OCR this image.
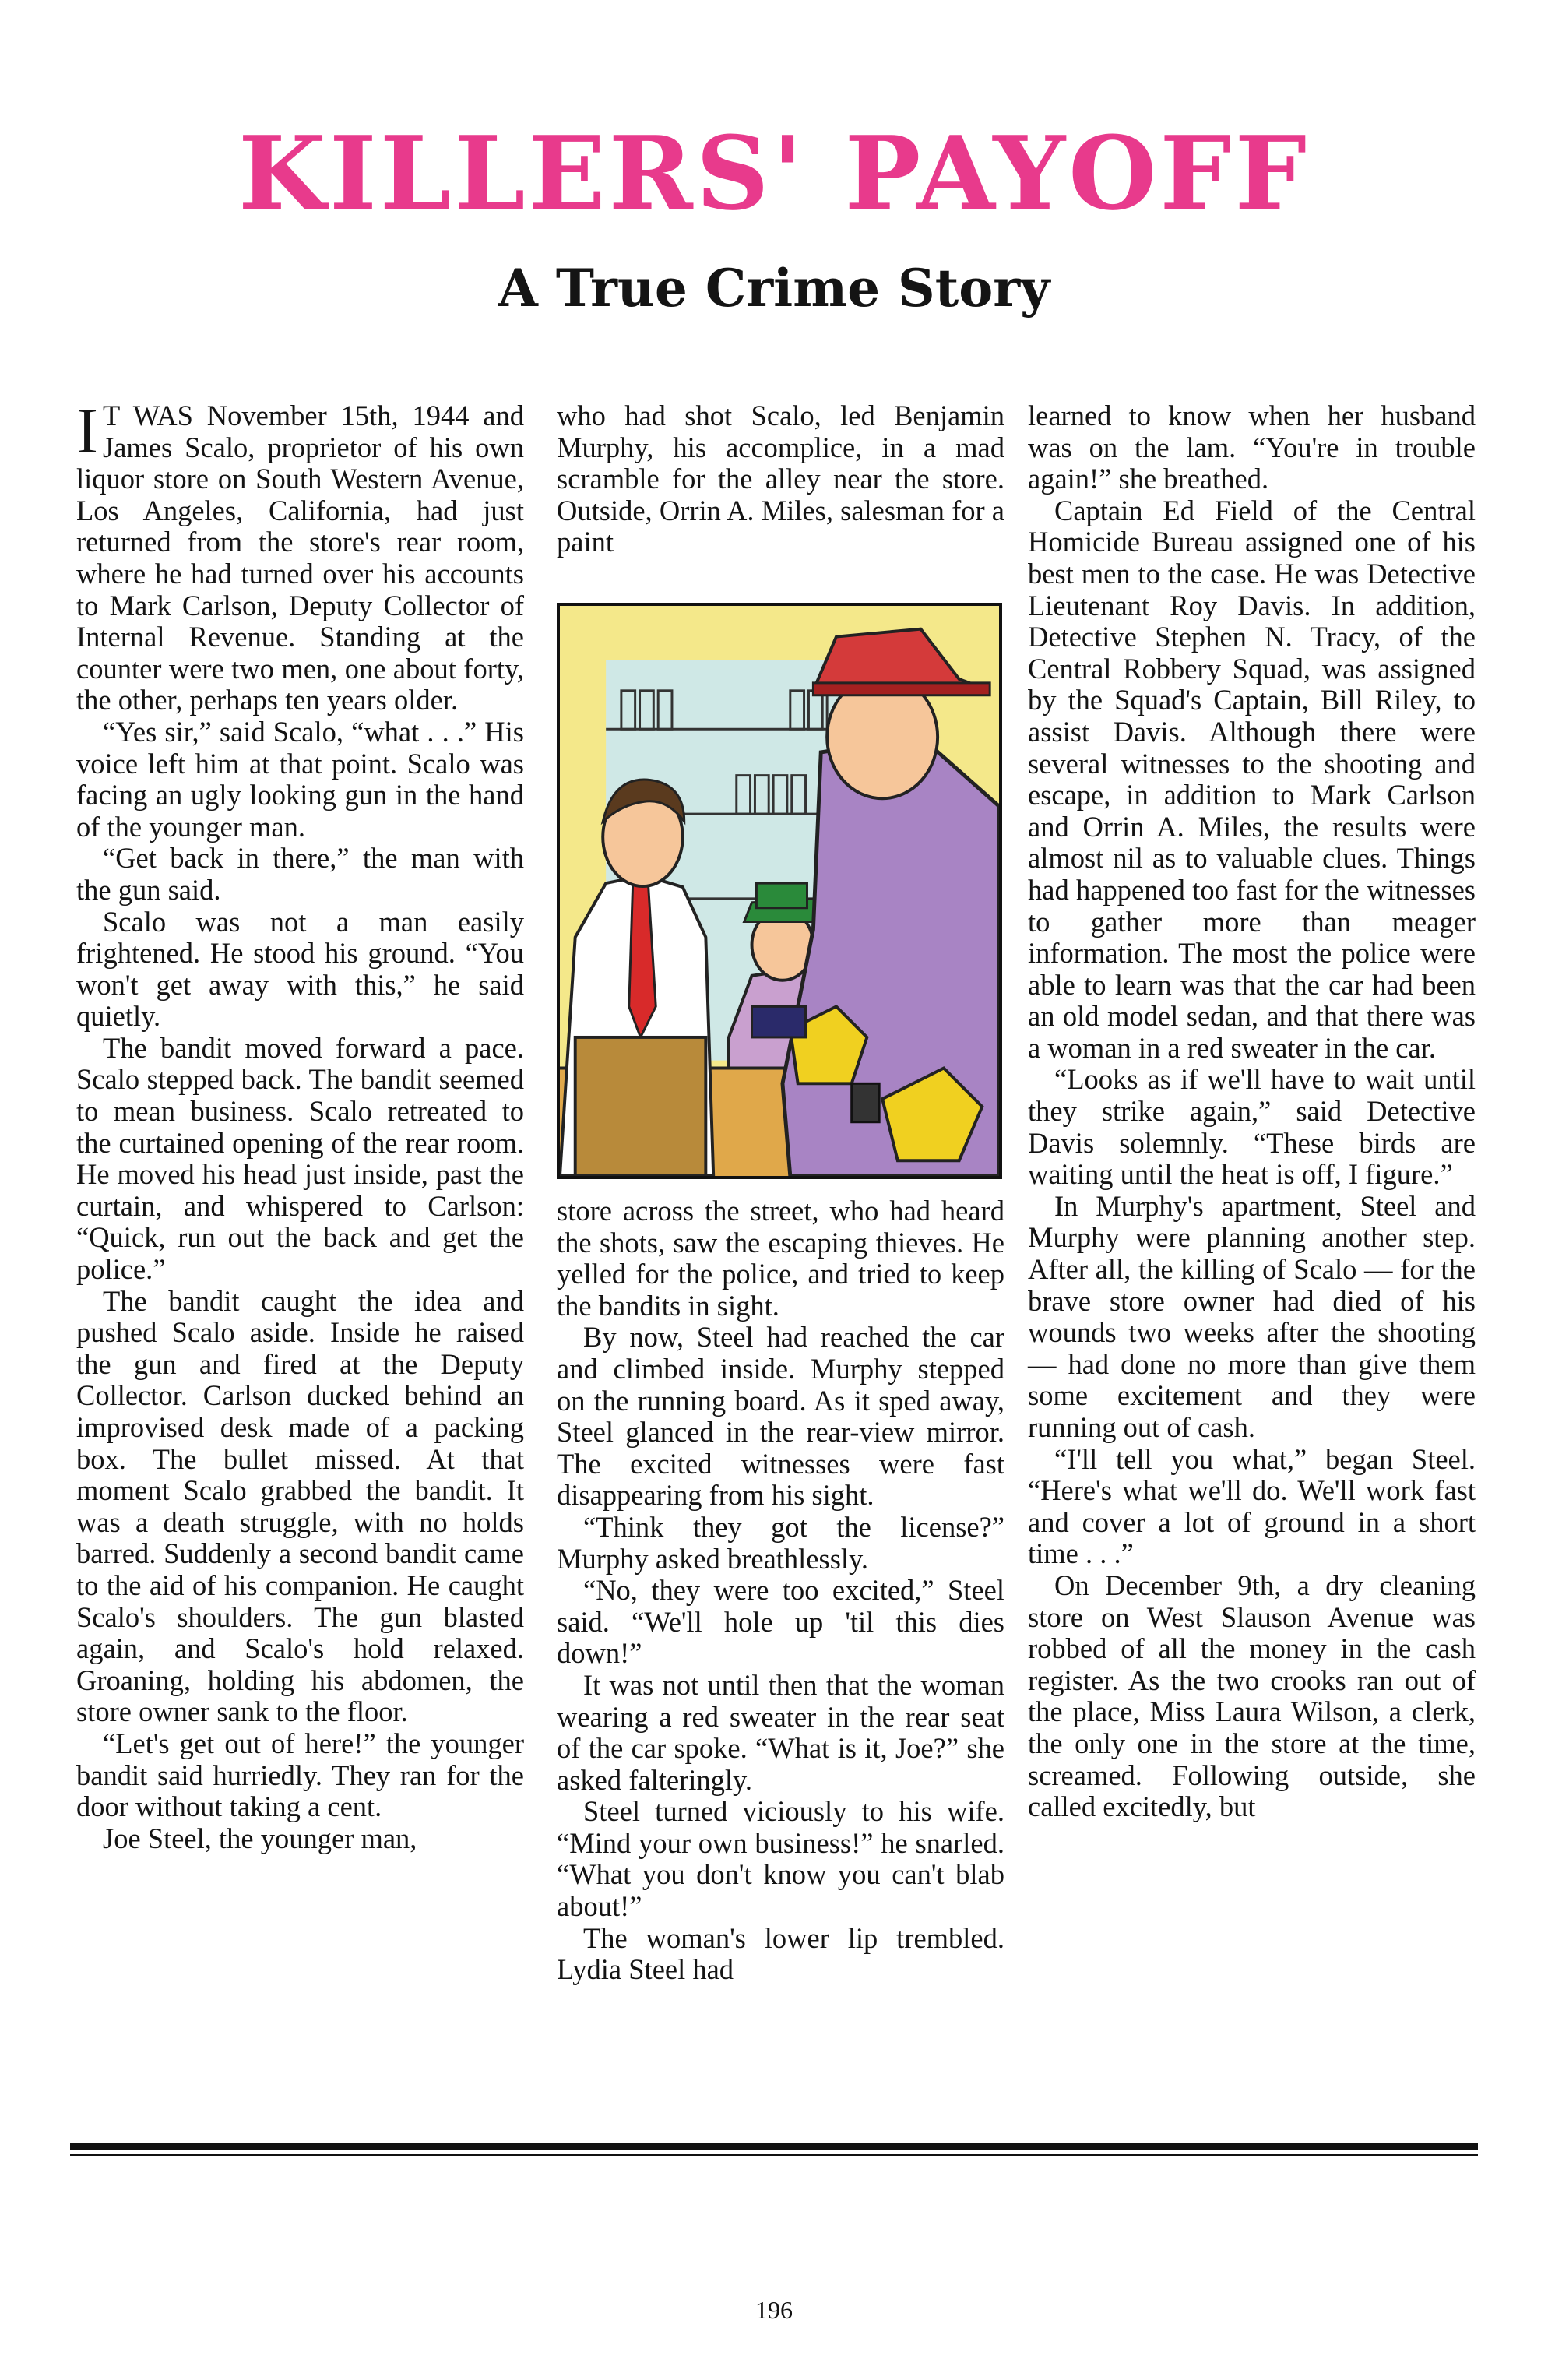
KILLERS' PAYOFF
A True Crime Story

I T WAS November 15th, 1944 and James Scalo, proprietor of his own liquor store on South Western Avenue, Los Angeles, California, had just returned from the store's rear room, where he had turned over his accounts to Mark Carlson, Deputy Collector of Internal Revenue. Standing at the counter were two men, one about forty, the other, perhaps ten years older.

“Yes sir,” said Scalo, “what . . .” His voice left him at that point. Scalo was facing an ugly looking gun in the hand of the younger man.

“Get back in there,” the man with the gun said.

Scalo was not a man easily frightened. He stood his ground. “You won't get away with this,” he said quietly.

The bandit moved forward a pace. Scalo stepped back. The bandit seemed to mean business. Scalo retreated to the curtained opening of the rear room. He moved his head just inside, past the curtain, and whispered to Carlson: “Quick, run out the back and get the police.”

The bandit caught the idea and pushed Scalo aside. Inside he raised the gun and fired at the Deputy Collector. Carlson ducked behind an improvised desk made of a packing box. The bullet missed. At that moment Scalo grabbed the bandit. It was a death struggle, with no holds barred. Suddenly a second bandit came to the aid of his companion. He caught Scalo's shoulders. The gun blasted again, and Scalo's hold relaxed. Groaning, holding his abdomen, the store owner sank to the floor.

“Let's get out of here!” the younger bandit said hurriedly. They ran for the door without taking a cent.

Joe Steel, the younger man,

who had shot Scalo, led Benjamin Murphy, his accomplice, in a mad scramble for the alley near the store. Outside, Orrin A. Miles, salesman for a paint

store across the street, who had heard the shots, saw the escaping thieves. He yelled for the police, and tried to keep the bandits in sight.

By now, Steel had reached the car and climbed inside. Murphy stepped on the running board. As it sped away, Steel glanced in the rear-view mirror. The excited witnesses were fast disappearing from his sight.

“Think they got the license?” Murphy asked breathlessly.

“No, they were too excited,” Steel said. “We'll hole up 'til this dies down!”

It was not until then that the woman wearing a red sweater in the rear seat of the car spoke. “What is it, Joe?” she asked falteringly.

Steel turned viciously to his wife. “Mind your own business!” he snarled. “What you don't know you can't blab about!”

The woman's lower lip trembled. Lydia Steel had

learned to know when her husband was on the lam. “You're in trouble again!” she breathed.

Captain Ed Field of the Central Homicide Bureau assigned one of his best men to the case. He was Detective Lieutenant Roy Davis. In addition, Detective Stephen N. Tracy, of the Central Robbery Squad, was assigned by the Squad's Captain, Bill Riley, to assist Davis. Although there were several witnesses to the shooting and escape, in addition to Mark Carlson and Orrin A. Miles, the results were almost nil as to valuable clues. Things had happened too fast for the witnesses to gather more than meager information. The most the police were able to learn was that the car had been an old model sedan, and that there was a woman in a red sweater in the car.

“Looks as if we'll have to wait until they strike again,” said Detective Davis solemnly. “These birds are waiting until the heat is off, I figure.”

In Murphy's apartment, Steel and Murphy were planning another step. After all, the killing of Scalo — for the brave store owner had died of his wounds two weeks after the shooting— had done no more than give them some excitement and they were running out of cash.

“I'll tell you what,” began Steel. “Here's what we'll do. We'll work fast and cover a lot of ground in a short time . . .”

On December 9th, a dry cleaning store on West Slauson Avenue was robbed of all the money in the cash register. As the two crooks ran out of the place, Miss Laura Wilson, a clerk, the only one in the store at the time, screamed. Following outside, she called excitedly, but

196
